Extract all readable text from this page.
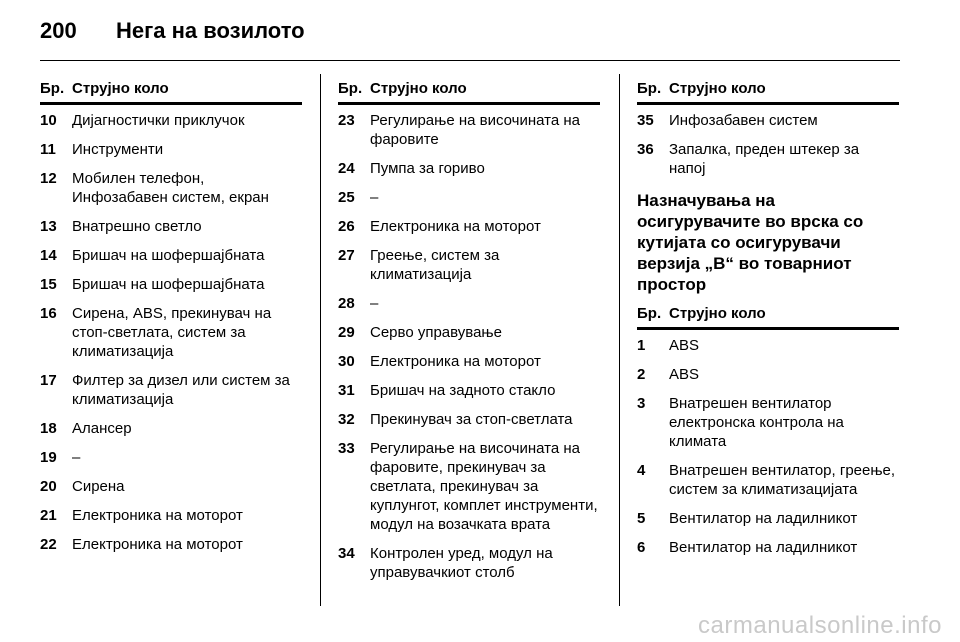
200 Нега на возилото
Бр. Струјно коло
10	Дијагностички приклучок
11	Инструменти
12	Мобилен телефон, Инфозабавен систем, екран
13	Внатрешно светло
14	Бришач на шофершајбната
15	Бришач на шофершајбната
16	Сирена, ABS, прекинувач на стоп-светлата, систем за климатизација
17	Филтер за дизел или систем за климатизација
18	Алансер
19	–
20	Сирена
21	Електроника на моторот
22	Електроника на моторот
Бр. Струјно коло
23	Регулирање на височината на фаровите
24	Пумпа за гориво
25	–
26	Електроника на моторот
27	Греење, систем за климатизација
28	–
29	Серво управување
30	Електроника на моторот
31	Бришач на задното стакло
32	Прекинувач за стоп-светлата
33	Регулирање на височината на фаровите, прекинувач за светлата, прекинувач за куплунгот, комплет инструменти, модул на возачката врата
34	Контролен уред, модул на управувачкиот столб
Бр. Струјно коло
35	Инфозабавен систем
36	Запалка, преден штекер за напој
Назначувања на осигурувачите во врска со кутијата со осигурувачи верзија „B“ во товарниот простор
Бр. Струјно коло
1	ABS
2	ABS
3	Внатрешен вентилатор електронска контрола на климата
4	Внатрешен вентилатор, греење, систем за климатизацијата
5	Вентилатор на ладилникот
6	Вентилатор на ладилникот
carmanualsonline.info
